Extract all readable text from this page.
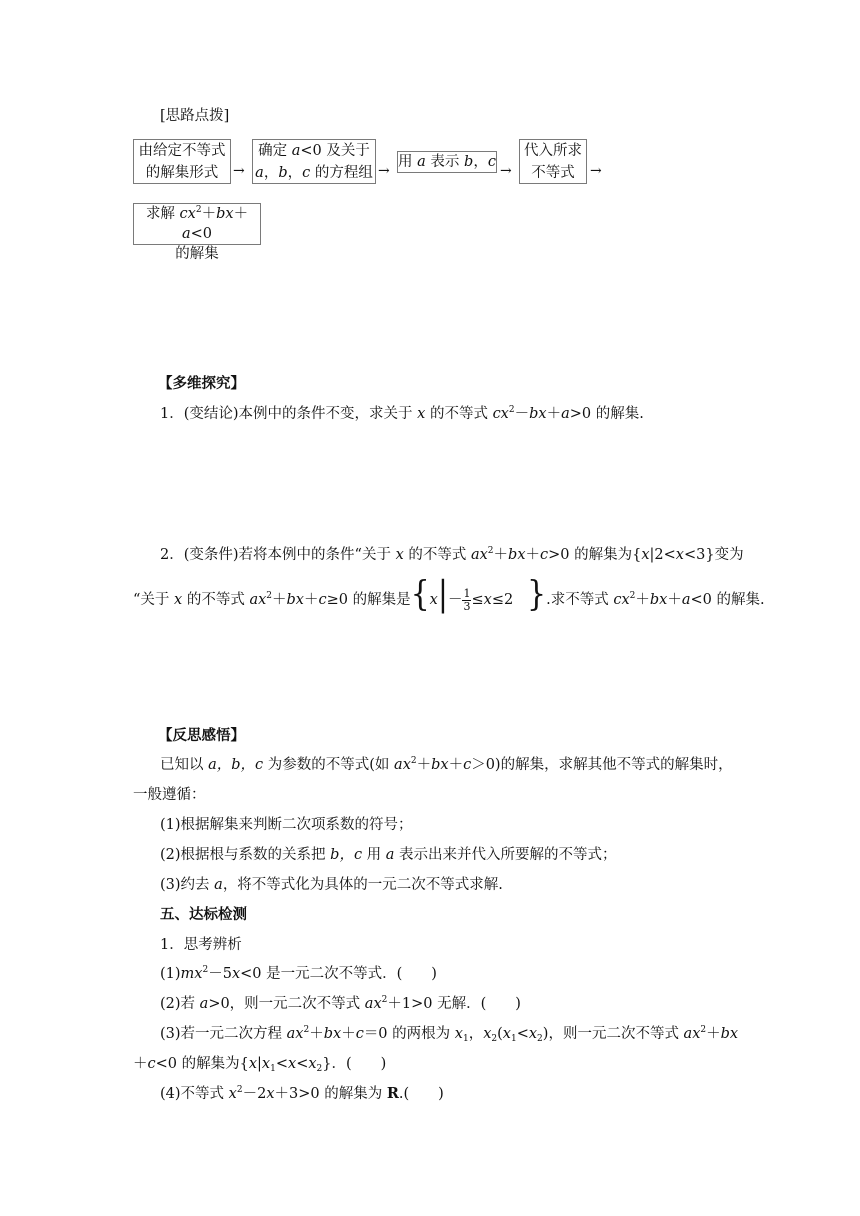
[思路点拨]
由给定不等式
的解集形式	→
确定 a<0 及关于
a，b，c 的方程组 →
用 a 表示 b，c
→
代入所求
不等式	→
求解 $cx^2+bx+a<0$
的解集
【多维探究】
1．(变结论)本例中的条件不变，求关于 x 的不等式 $cx^2-bx+a>0$ 的解集.
2．(变条件)若将本例中的条件“关于 x 的不等式 $ax^2+bx+c>0$ 的解集为{x|2<x<3}变为
“关于 x 的不等式 $ax^2+bx+c\ge 0$ 的解集是{$x|- \frac{1}{3} \le x\le 2$ }.求不等式 $cx^2+bx+a<0$ 的解集.
【反思感悟】
已知以 a，b，c 为参数的不等式(如 $ax^2+bx+c>0$)的解集，求解其他不等式的解集时，
一般遵循：
(1)根据解集来判断二次项系数的符号；
(2)根据根与系数的关系把 b，c 用 a 表示出来并代入所要解的不等式；
(3)约去 a，将不等式化为具体的一元二次不等式求解.
五、达标检测
1．思考辨析
$(1)mx^2-5x<0$ 是一元二次不等式．(　　)
(2)若 a>0，则一元二次不等式 $ax^2+1>0$ 无解．(　　)
(3)若一元二次方程 $ax^2+bx+c=0$ 的两根为 $x_1$，$x_2(x_1<x_2)$，则一元二次不等式 $ax^2+bx$
＋c<0 的解集为$\{x|x_1<x<x_2\}$．(　　)
(4)不等式 $x^2-2x+3>0$ 的解集为 R.(　　)
